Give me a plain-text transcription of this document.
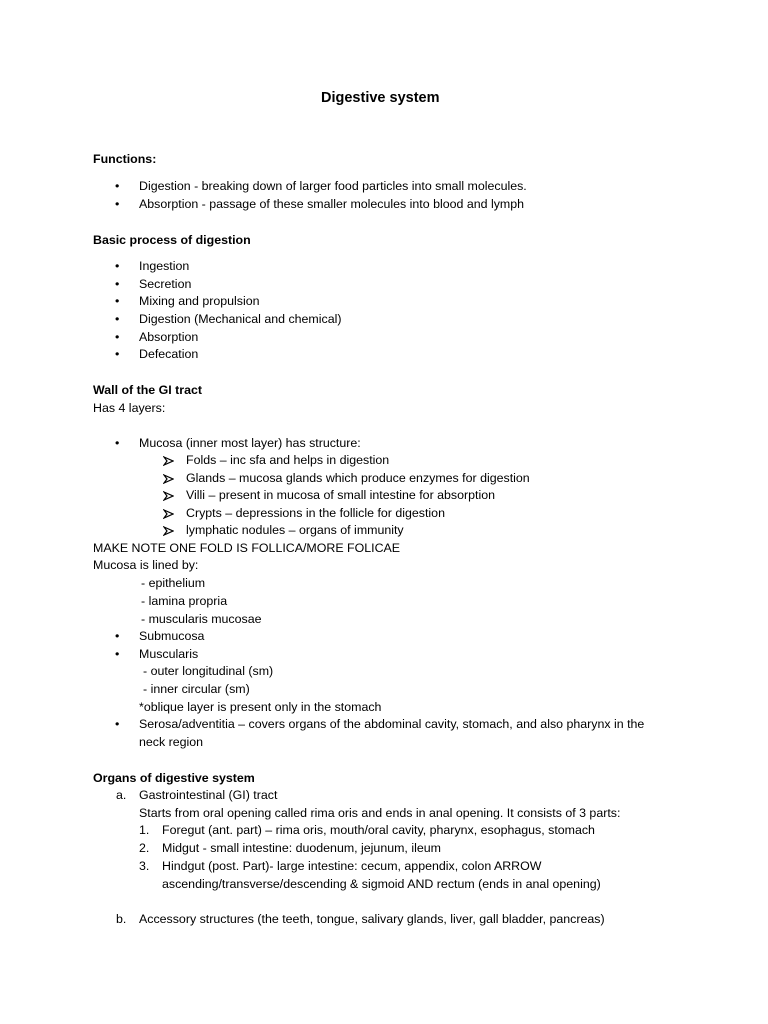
Digestive system
Functions:
• Digestion - breaking down of larger food particles into small molecules.
• Absorption - passage of these smaller molecules into blood and lymph
Basic process of digestion
• Ingestion
• Secretion
• Mixing and propulsion
• Digestion (Mechanical and chemical)
• Absorption
• Defecation
Wall of the GI tract
Has 4 layers:
• Mucosa (inner most layer) has structure:
Folds – inc sfa and helps in digestion
Glands – mucosa glands which produce enzymes for digestion
Villi – present in mucosa of small intestine for absorption
Crypts – depressions in the follicle for digestion
lymphatic nodules – organs of immunity
MAKE NOTE ONE FOLD IS FOLLICA/MORE FOLICAE
Mucosa is lined by:
- epithelium
- lamina propria
- muscularis mucosae
• Submucosa
• Muscularis
- outer longitudinal (sm)
- inner circular (sm)
*oblique layer is present only in the stomach
• Serosa/adventitia – covers organs of the abdominal cavity, stomach, and also pharynx in the
neck region
Organs of digestive system
a. Gastrointestinal (GI) tract
Starts from oral opening called rima oris and ends in anal opening. It consists of 3 parts:
1. Foregut (ant. part) – rima oris, mouth/oral cavity, pharynx, esophagus, stomach
2. Midgut - small intestine: duodenum, jejunum, ileum
3. Hindgut (post. Part)- large intestine: cecum, appendix, colon ARROW
ascending/transverse/descending & sigmoid AND rectum (ends in anal opening)
b. Accessory structures (the teeth, tongue, salivary glands, liver, gall bladder, pancreas)
